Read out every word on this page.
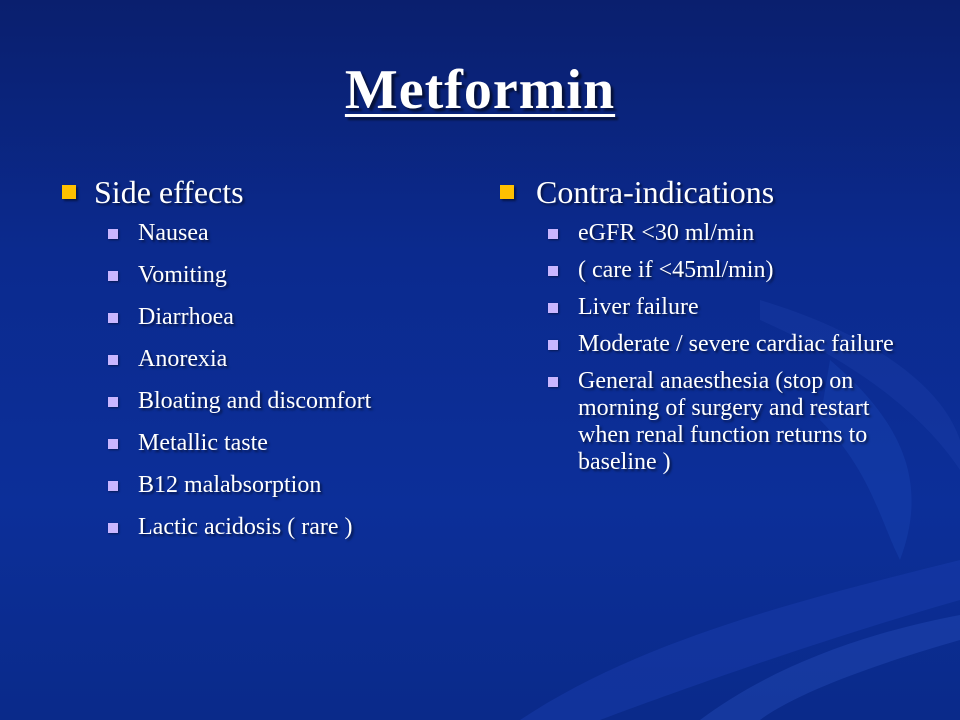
Metformin
Side effects
Nausea
Vomiting
Diarrhoea
Anorexia
Bloating and discomfort
Metallic taste
B12 malabsorption
Lactic acidosis ( rare )
Contra-indications
eGFR <30 ml/min
( care if <45ml/min)
Liver failure
Moderate / severe cardiac failure
General anaesthesia (stop on morning of surgery and restart when renal function returns to baseline )
